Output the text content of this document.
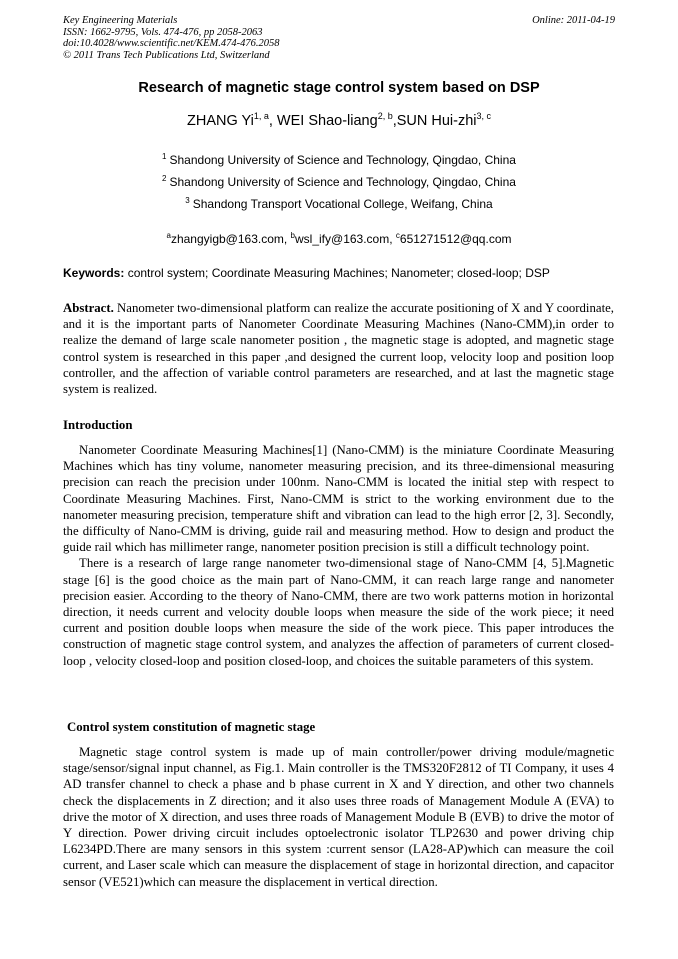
Key Engineering Materials
ISSN: 1662-9795, Vols. 474-476, pp 2058-2063
doi:10.4028/www.scientific.net/KEM.474-476.2058
© 2011 Trans Tech Publications Ltd, Switzerland
Online: 2011-04-19
Research of magnetic stage control system based on DSP
ZHANG Yi$^{1, a}$, WEI Shao-liang$^{2, b}$,SUN Hui-zhi$^{3, c}$
$^1$ Shandong University of Science and Technology, Qingdao, China
$^2$ Shandong University of Science and Technology, Qingdao, China
$^3$ Shandong Transport Vocational College, Weifang, China
$^a$zhangyigb@163.com, $^b$wsl_ify@163.com, $^c$651271512@qq.com
Keywords: control system; Coordinate Measuring Machines; Nanometer; closed-loop; DSP
Abstract. Nanometer two-dimensional platform can realize the accurate positioning of X and Y coordinate, and it is the important parts of Nanometer Coordinate Measuring Machines (Nano-CMM),in order to realize the demand of large scale nanometer position , the magnetic stage is adopted, and magnetic stage control system is researched in this paper ,and designed the current loop, velocity loop and position loop controller, and the affection of variable control parameters are researched, and at last the magnetic stage system is realized.
Introduction

Nanometer Coordinate Measuring Machines[1] (Nano-CMM) is the miniature Coordinate Measuring Machines which has tiny volume, nanometer measuring precision, and its three-dimensional measuring precision can reach the precision under 100nm. Nano-CMM is located the initial step with respect to Coordinate Measuring Machines. First, Nano-CMM is strict to the working environment due to the nanometer measuring precision, temperature shift and vibration can lead to the high error [2, 3]. Secondly, the difficulty of Nano-CMM is driving, guide rail and measuring method. How to design and product the guide rail which has millimeter range, nanometer position precision is still a difficult technology point.

There is a research of large range nanometer two-dimensional stage of Nano-CMM [4, 5].Magnetic stage [6] is the good choice as the main part of Nano-CMM, it can reach large range and nanometer precision easier. According to the theory of Nano-CMM, there are two work patterns motion in horizontal direction, it needs current and velocity double loops when measure the side of the work piece; it need current and position double loops when measure the side of the work piece. This paper introduces the construction of magnetic stage control system, and analyzes the affection of parameters of current closed-loop , velocity closed-loop and position closed-loop, and choices the suitable parameters of this system.

Control system constitution of magnetic stage

Magnetic stage control system is made up of main controller/power driving module/magnetic stage/sensor/signal input channel, as Fig.1. Main controller is the TMS320F2812 of TI Company, it uses 4 AD transfer channel to check a phase and b phase current in X and Y direction, and other two channels check the displacements in Z direction; and it also uses three roads of Management Module A (EVA) to drive the motor of X direction, and uses three roads of Management Module B (EVB) to drive the motor of Y direction. Power driving circuit includes optoelectronic isolator TLP2630 and power driving chip L6234PD.There are many sensors in this system :current sensor (LA28-AP)which can measure the coil current, and Laser scale which can measure the displacement of stage in horizontal direction, and capacitor sensor (VE521)which can measure the displacement in vertical direction.
